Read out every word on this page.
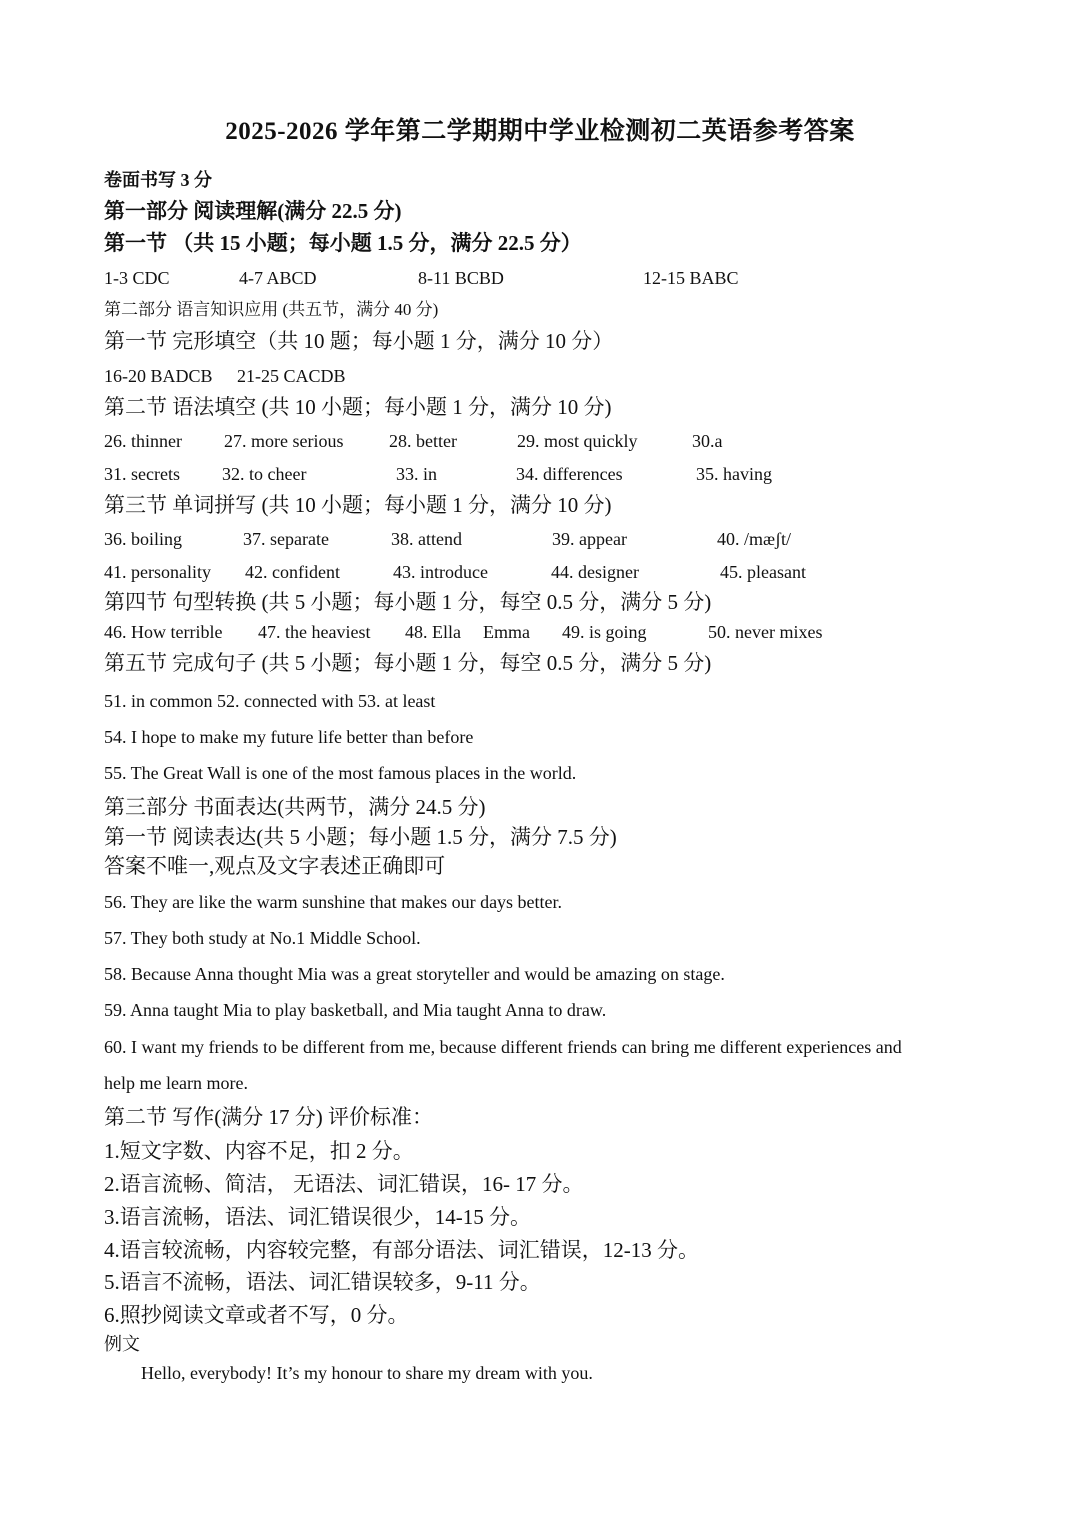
2025-2026 学年第二学期期中学业检测初二英语参考答案
卷面书写 3 分
第一部分 阅读理解(满分 22.5 分)
第一节 （共 15 小题；每小题 1.5 分，满分 22.5 分）
1-3 CDC	4-7 ABCD	8-11 BCBD	12-15 BABC
第二部分 语言知识应用 (共五节，满分 40 分)
第一节 完形填空（共 10 题；每小题 1 分，满分 10 分）
16-20 BADCB 21-25 CACDB
第二节 语法填空 (共 10 小题；每小题 1 分，满分 10 分)
26. thinner 27. more serious	28. better	29. most quickly	30.a
31. secrets 32. to cheer	33. in	34. differences	35. having
第三节 单词拼写 (共 10 小题；每小题 1 分，满分 10 分)
36. boiling	37. separate	38. attend	39. appear	40. /mæʃt/
41. personality 42. confident	43. introduce	44. designer	45. pleasant
第四节 句型转换 (共 5 小题；每小题 1 分，每空 0.5 分，满分 5 分)
46. How terrible 47. the heaviest 48. Ella Emma 49. is going	50. never mixes
第五节 完成句子 (共 5 小题；每小题 1 分，每空 0.5 分，满分 5 分)
51. in common 52. connected with 53. at least
54. I hope to make my future life better than before
55. The Great Wall is one of the most famous places in the world.
第三部分 书面表达(共两节，满分 24.5 分)
第一节 阅读表达(共 5 小题；每小题 1.5 分，满分 7.5 分)
答案不唯一,观点及文字表述正确即可
56. They are like the warm sunshine that makes our days better.
57. They both study at No.1 Middle School.
58. Because Anna thought Mia was a great storyteller and would be amazing on stage.
59. Anna taught Mia to play basketball, and Mia taught Anna to draw.
60. I want my friends to be different from me, because different friends can bring me different experiences and
help me learn more.
第二节 写作(满分 17 分) 评价标准：
1.短文字数、内容不足，扣 2 分。
2.语言流畅、简洁， 无语法、词汇错误，16- 17 分。
3.语言流畅，语法、词汇错误很少，14-15 分。
4.语言较流畅，内容较完整，有部分语法、词汇错误，12-13 分。
5.语言不流畅，语法、词汇错误较多，9-11 分。
6.照抄阅读文章或者不写，0 分。
例文
Hello, everybody! It’s my honour to share my dream with you.
